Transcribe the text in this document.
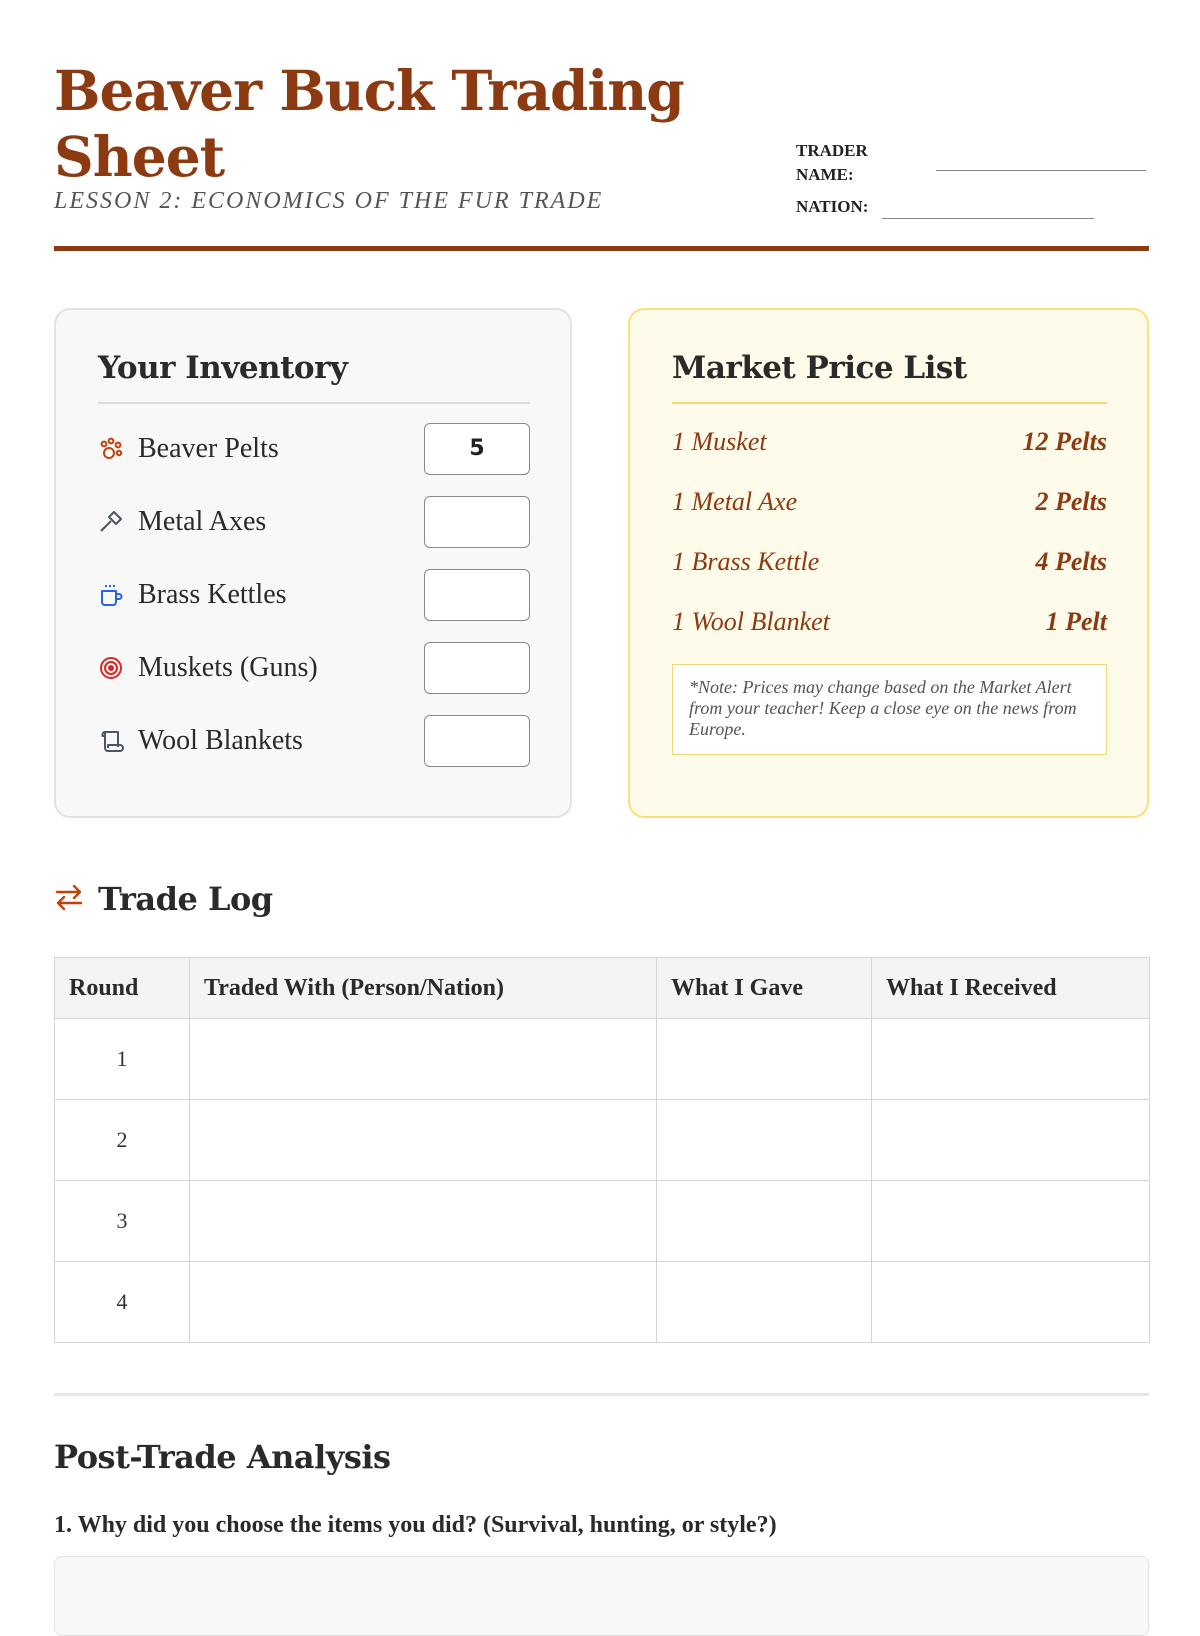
Beaver Buck Trading Sheet

LESSON 2: ECONOMICS OF THE FUR TRADE

TRADER
NAME:
NATION:
Your Inventory
Beaver Pelts	5
Metal Axes
Brass Kettles
Muskets (Guns)
Wool Blankets
Market Price List
1 Musket	12 Pelts
1 Metal Axe	2 Pelts
1 Brass Kettle	4 Pelts
1 Wool Blanket	1 Pelt
*Note: Prices may change based on the Market Alert from your teacher! Keep a close eye on the news from Europe.
Trade Log
Round	Traded With (Person/Nation)	What I Gave	What I Received
1			
2			
3			
4			
Post-Trade Analysis

1. Why did you choose the items you did? (Survival, hunting, or style?)
